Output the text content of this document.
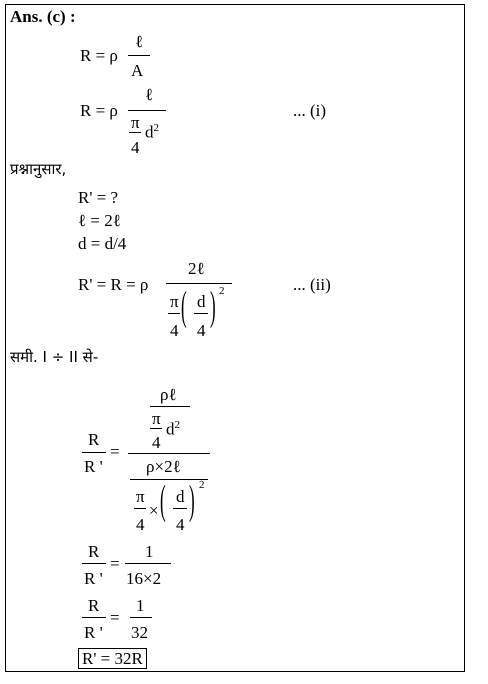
Ans. (c) :
R = ρ
ℓ
A
R = ρ
ℓ
π
4
$d^2$
... (i)
प्रश्नानुसार,
R' = ?
ℓ = 2ℓ
d = d/4
R' = R = ρ
2ℓ
π
4
( d
4
) 2	... (ii)
समी. I ÷ II से-
R
R '
=
ρℓ
π
4
$d^2$
ρ×2ℓ
π
4
× ( d
4
) 2
R
R '
=
1
16×2
R
R '
=
1
32
R' = 32R
